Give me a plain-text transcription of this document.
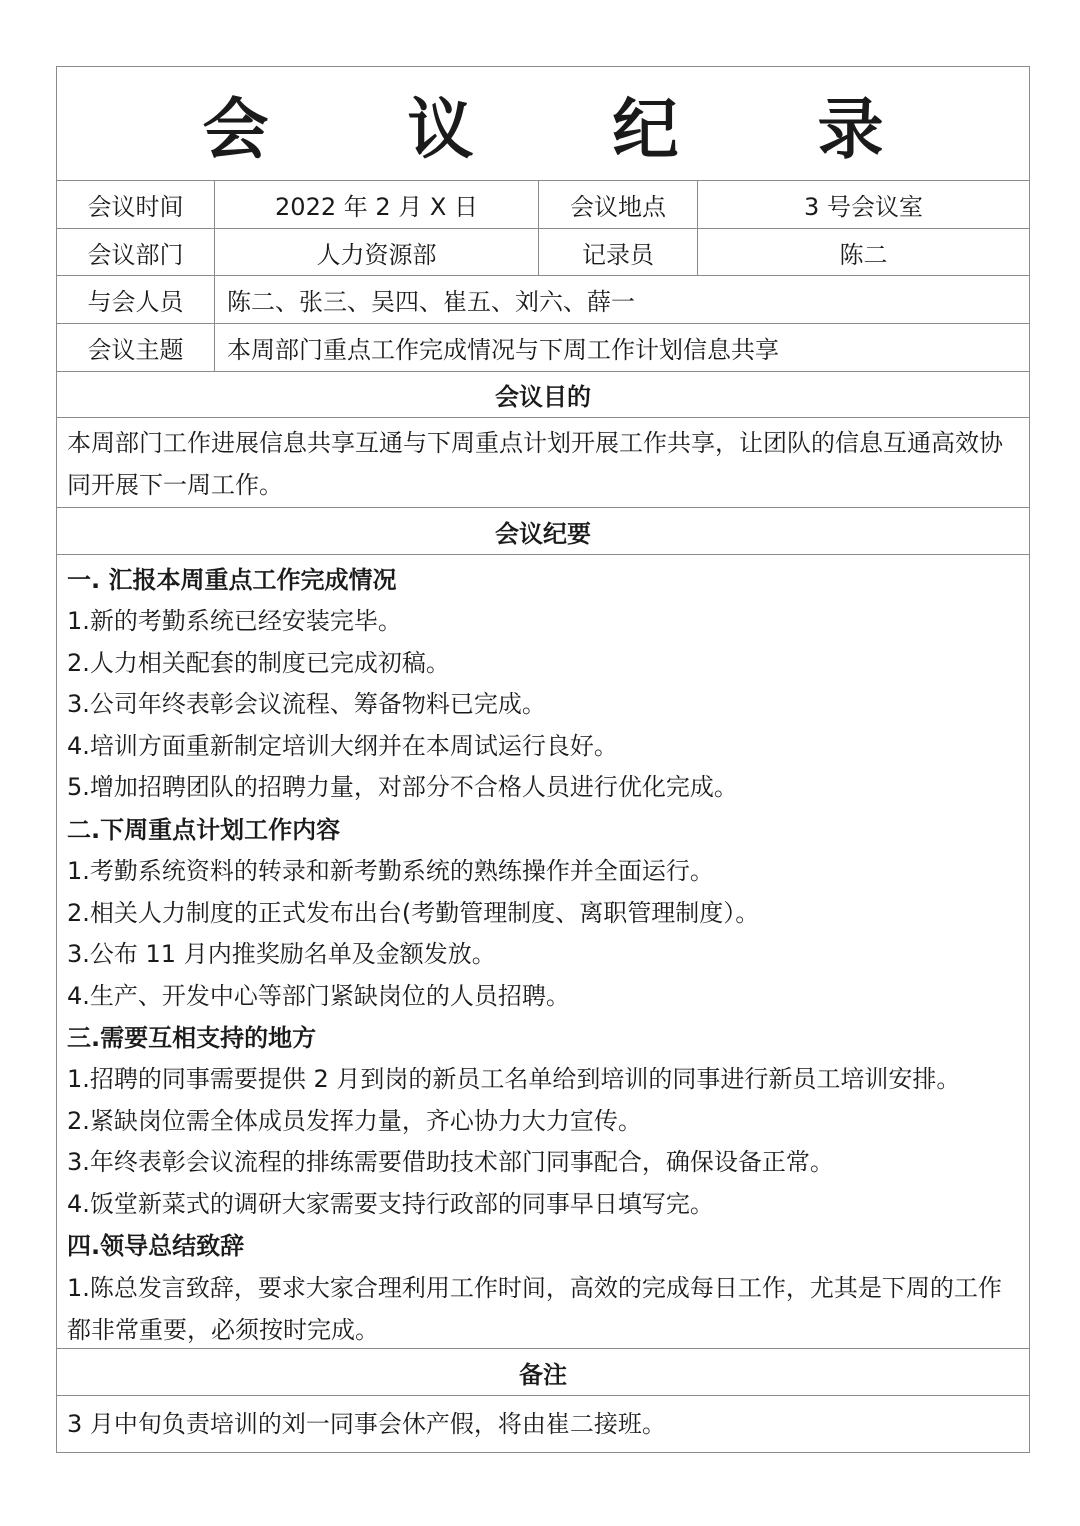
会 议 纪 录
会议时间	2022 年 2 月 X 日	会议地点	3 号会议室
会议部门	人力资源部	记录员	陈二
与会人员	陈二、张三、吴四、崔五、刘六、薛一
会议主题	本周部门重点工作完成情况与下周工作计划信息共享
会议目的
本周部门工作进展信息共享互通与下周重点计划开展工作共享，让团队的信息互通高效协同开展下一周工作。
会议纪要
一. 汇报本周重点工作完成情况
1.新的考勤系统已经安装完毕。
2.人力相关配套的制度已完成初稿。
3.公司年终表彰会议流程、筹备物料已完成。
4.培训方面重新制定培训大纲并在本周试运行良好。
5.增加招聘团队的招聘力量，对部分不合格人员进行优化完成。
二.下周重点计划工作内容
1.考勤系统资料的转录和新考勤系统的熟练操作并全面运行。
2.相关人力制度的正式发布出台(考勤管理制度、离职管理制度）。
3.公布 11 月内推奖励名单及金额发放。
4.生产、开发中心等部门紧缺岗位的人员招聘。
三.需要互相支持的地方
1.招聘的同事需要提供 2 月到岗的新员工名单给到培训的同事进行新员工培训安排。
2.紧缺岗位需全体成员发挥力量，齐心协力大力宣传。
3.年终表彰会议流程的排练需要借助技术部门同事配合，确保设备正常。
4.饭堂新菜式的调研大家需要支持行政部的同事早日填写完。
四.领导总结致辞
1.陈总发言致辞，要求大家合理利用工作时间，高效的完成每日工作，尤其是下周的工作都非常重要，必须按时完成。
备注
3 月中旬负责培训的刘一同事会休产假，将由崔二接班。
